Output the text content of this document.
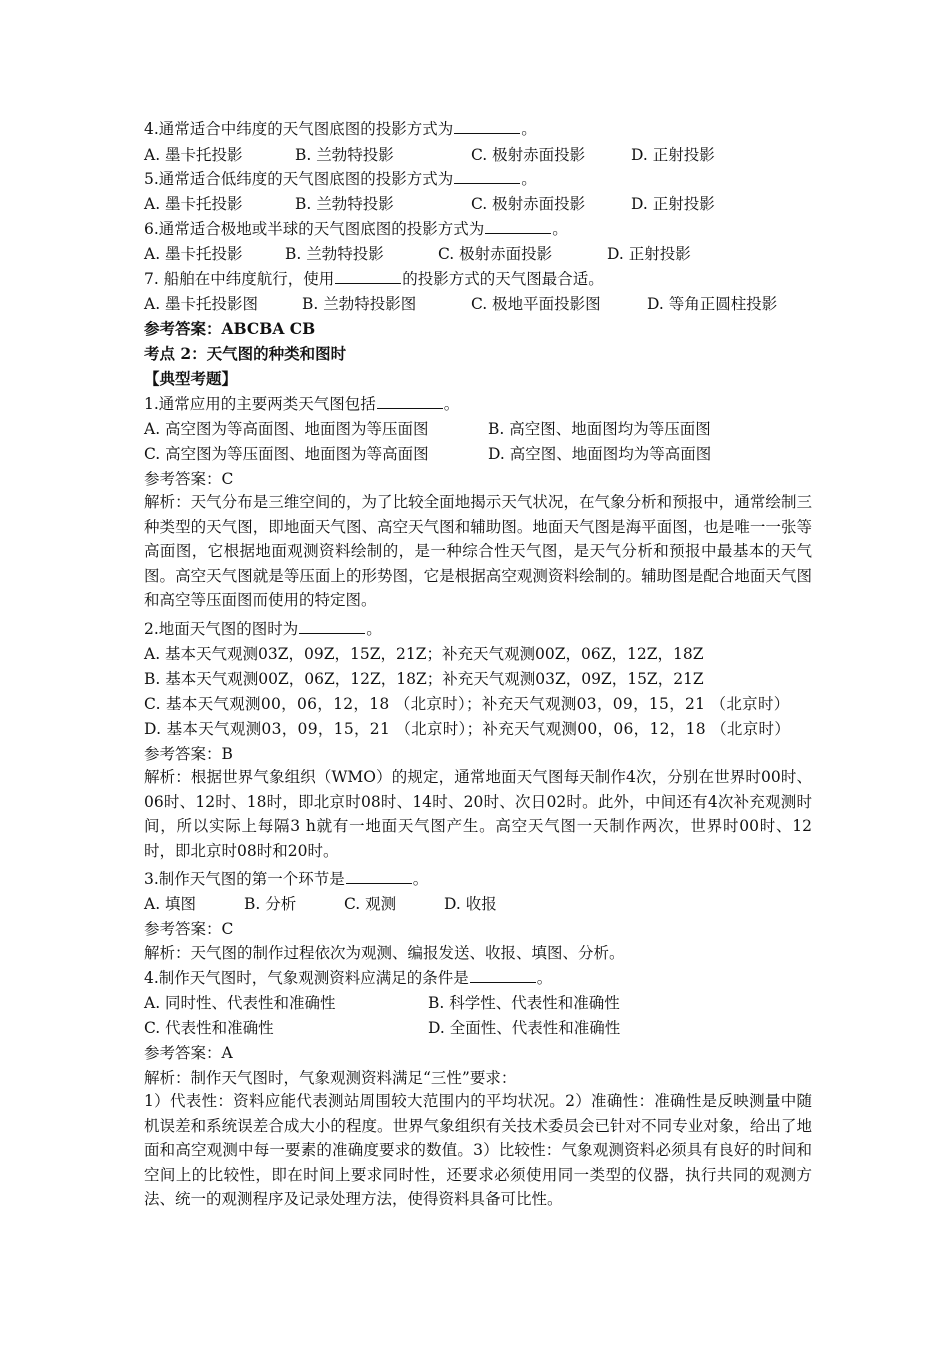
4.通常适合中纬度的天气图底图的投影方式为	。
A. 墨卡托投影	B. 兰勃特投影	C. 极射赤面投影	D. 正射投影
5.通常适合低纬度的天气图底图的投影方式为	。
A. 墨卡托投影	B. 兰勃特投影	C. 极射赤面投影	D. 正射投影
6.通常适合极地或半球的天气图底图的投影方式为	。
A. 墨卡托投影	B. 兰勃特投影	C. 极射赤面投影	D. 正射投影
7. 船舶在中纬度航行，使用	的投影方式的天气图最合适。
A. 墨卡托投影图	B. 兰勃特投影图	C. 极地平面投影图	D. 等角正圆柱投影
参考答案：ABCBA CB
考点 2：天气图的种类和图时
【典型考题】
1.通常应用的主要两类天气图包括	。
A. 高空图为等高面图、地面图为等压面图	B. 高空图、地面图均为等压面图
C. 高空图为等压面图、地面图为等高面图	D. 高空图、地面图均为等高面图
参考答案：C
解析：天气分布是三维空间的，为了比较全面地揭示天气状况，在气象分析和预报中，通常绘制三种类型的天气图，即地面天气图、高空天气图和辅助图。地面天气图是海平面图，也是唯一一张等高面图，它根据地面观测资料绘制的，是一种综合性天气图，是天气分析和预报中最基本的天气图。高空天气图就是等压面上的形势图，它是根据高空观测资料绘制的。辅助图是配合地面天气图和高空等压面图而使用的特定图。
2.地面天气图的图时为	。
A. 基本天气观测03Z，09Z，15Z，21Z；补充天气观测00Z，06Z，12Z，18Z
B. 基本天气观测00Z，06Z，12Z，18Z；补充天气观测03Z，09Z，15Z，21Z
C. 基本天气观测00，06，12，18 （北京时）；补充天气观测03，09，15，21 （北京时）
D. 基本天气观测03，09，15，21 （北京时）；补充天气观测00，06，12，18 （北京时）
参考答案：B
解析：根据世界气象组织（WMO）的规定，通常地面天气图每天制作4次，分别在世界时00时、06时、12时、18时，即北京时08时、14时、20时、次日02时。此外，中间还有4次补充观测时间，所以实际上每隔3 h就有一地面天气图产生。高空天气图一天制作两次，世界时00时、12时，即北京时08时和20时。
3.制作天气图的第一个环节是	。
A. 填图	B. 分析	C. 观测	D. 收报
参考答案：C
解析：天气图的制作过程依次为观测、编报发送、收报、填图、分析。
4.制作天气图时，气象观测资料应满足的条件是	。
A. 同时性、代表性和准确性	B. 科学性、代表性和准确性
C. 代表性和准确性	D. 全面性、代表性和准确性
参考答案：A
解析：制作天气图时，气象观测资料满足“三性”要求：
1）代表性：资料应能代表测站周围较大范围内的平均状况。2）准确性：准确性是反映测量中随机误差和系统误差合成大小的程度。世界气象组织有关技术委员会已针对不同专业对象，给出了地面和高空观测中每一要素的准确度要求的数值。3）比较性：气象观测资料必须具有良好的时间和空间上的比较性，即在时间上要求同时性，还要求必须使用同一类型的仪器，执行共同的观测方法、统一的观测程序及记录处理方法，使得资料具备可比性。
